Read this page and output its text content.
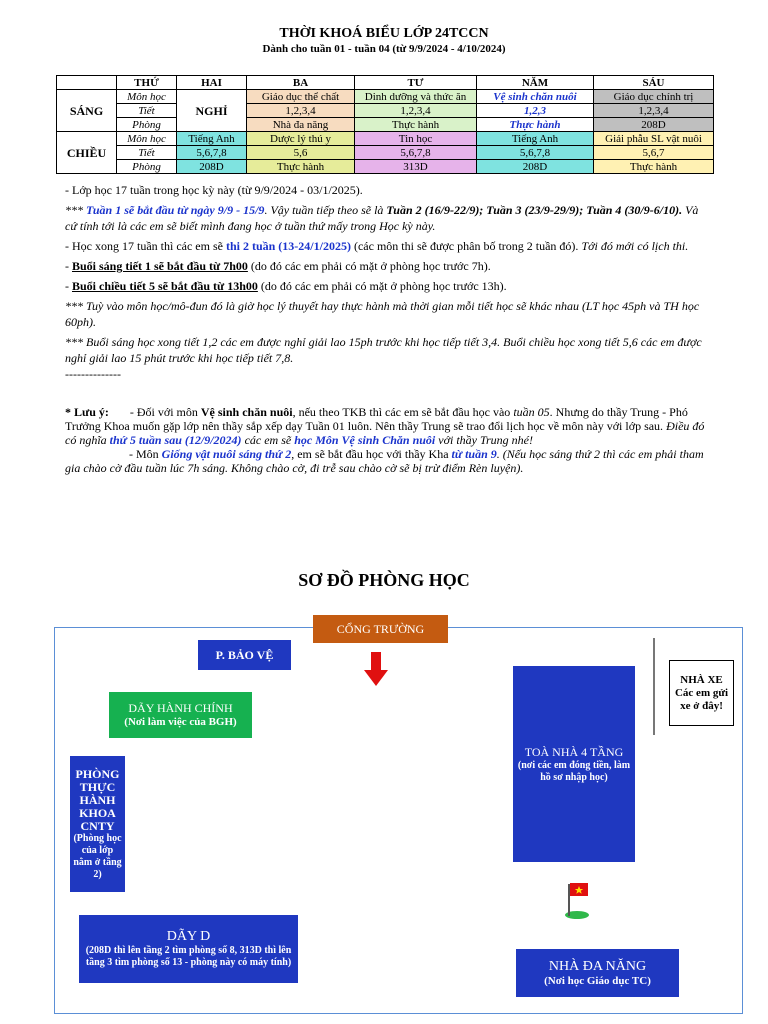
THỜI KHOÁ BIỂU LỚP 24TCCN
Dành cho tuần 01 - tuần 04 (từ 9/9/2024 - 4/10/2024)
	THỨ	HAI	BA	TƯ	NĂM	SÁU
SÁNG	Môn học	NGHỈ	Giáo dục thể chất	Dinh dưỡng và thức ăn	Vệ sinh chăn nuôi	Giáo dục chính trị
	Tiết		1,2,3,4	1,2,3,4	1,2,3	1,2,3,4
	Phòng		Nhà đa năng	Thực hành	Thực hành	208D
CHIỀU	Môn học	Tiếng Anh	Dược lý thú y	Tin học	Tiếng Anh	Giải phẫu SL vật nuôi
	Tiết	5,6,7,8	5,6	5,6,7,8	5,6,7,8	5,6,7
	Phòng	208D	Thực hành	313D	208D	Thực hành

- Lớp học 17 tuần trong học kỳ này (từ 9/9/2024 - 03/1/2025).

*** Tuần 1 sẽ bắt đầu từ ngày 9/9 - 15/9. Vậy tuần tiếp theo sẽ là Tuần 2 (16/9-22/9); Tuần 3 (23/9-29/9); Tuần 4 (30/9-6/10). Và cứ tính tới là các em sẽ biết mình đang học ở tuần thứ mấy trong Học kỳ này.

- Học xong 17 tuần thì các em sẽ thi 2 tuần (13-24/1/2025) (các môn thi sẽ được phân bố trong 2 tuần đó). Tới đó mới có lịch thi.

- Buổi sáng tiết 1 sẽ bắt đầu từ 7h00 (do đó các em phải có mặt ở phòng học trước 7h).

- Buổi chiều tiết 5 sẽ bắt đầu từ 13h00 (do đó các em phải có mặt ở phòng học trước 13h).

*** Tuỳ vào môn học/mô-đun đó là giờ học lý thuyết hay thực hành mà thời gian mỗi tiết học sẽ khác nhau (LT học 45ph và TH học 60ph).

*** Buổi sáng học xong tiết 1,2 các em được nghỉ giải lao 15ph trước khi học tiếp tiết 3,4. Buổi chiều học xong tiết 5,6 các em được nghỉ giải lao 15 phút trước khi học tiếp tiết 7,8.

--------------

* Lưu ý: - Đối với môn Vệ sinh chăn nuôi, nếu theo TKB thì các em sẽ bắt đầu học vào tuần 05. Nhưng do thầy Trung - Phó Trưởng Khoa muốn gặp lớp nên thầy sắp xếp dạy Tuần 01 luôn. Nên thầy Trung sẽ trao đổi lịch học về môn này với lớp sau. Điều đó có nghĩa thứ 5 tuần sau (12/9/2024) các em sẽ học Môn Vệ sinh Chăn nuôi với thầy Trung nhé!
- Môn Giống vật nuôi sáng thứ 2, em sẽ bắt đầu học với thầy Kha từ tuần 9. (Nếu học sáng thứ 2 thì các em phải tham gia chào cờ đầu tuần lúc 7h sáng. Không chào cờ, đi trễ sau chào cờ sẽ bị trừ điểm Rèn luyện).
SƠ ĐỒ PHÒNG HỌC
CỔNG TRƯỜNG
P. BẢO VỆ
DÃY HÀNH CHÍNH
(Nơi làm việc của BGH)
PHÒNG THỰC HÀNH KHOA CNTY
(Phòng học của lớp nằm ở tầng 2)
TOÀ NHÀ 4 TẦNG
(nơi các em đóng tiền, làm hồ sơ nhập học)
NHÀ XE
Các em gửi xe ở đây!
DÃY D
(208D thì lên tầng 2 tìm phòng số 8, 313D thì lên tầng 3 tìm phòng số 13 - phòng này có máy tính)	NHÀ ĐA NĂNG
(Nơi học Giáo dục TC)
